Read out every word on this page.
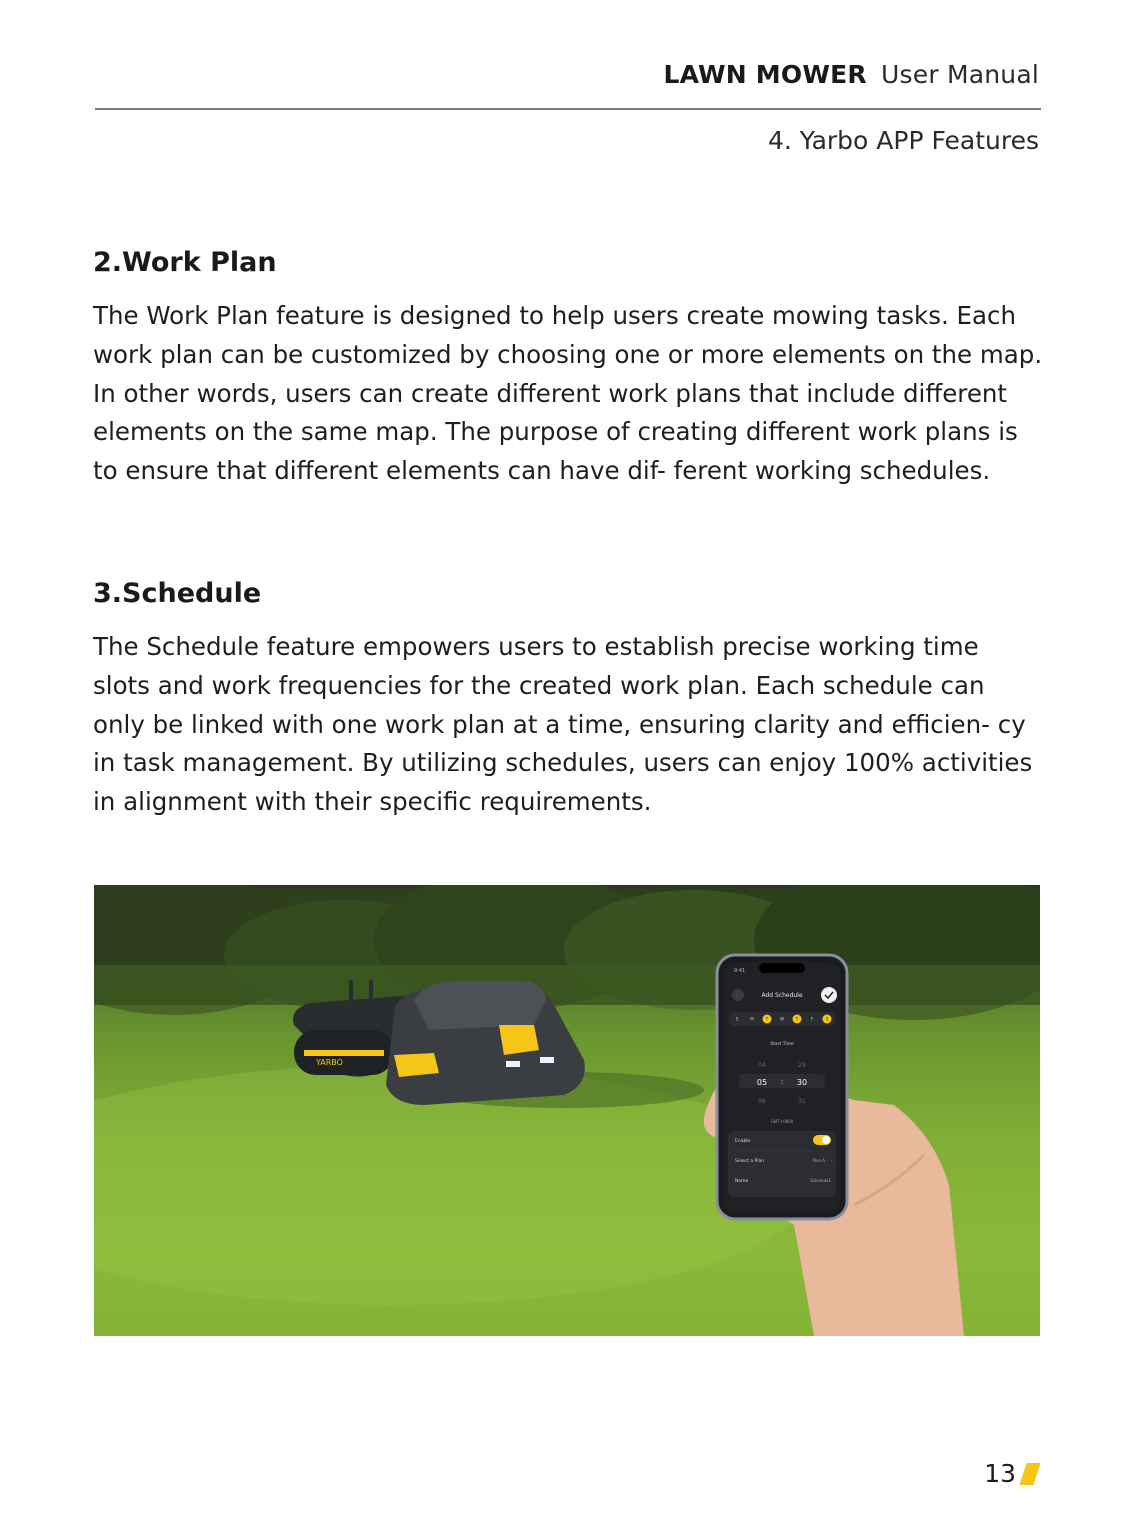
LAWN MOWER User Manual
4. Yarbo APP Features
2.Work Plan

The Work Plan feature is designed to help users create mowing tasks. Each work plan can be customized by choosing one or more elements on the map. In other words, users can create different work plans that include different elements on the same map. The purpose of creating different work plans is to ensure that different elements can have dif- ferent working schedules.

3.Schedule

The Schedule feature empowers users to establish precise working time slots and work frequencies for the created work plan. Each schedule can only be linked with one work plan at a time, ensuring clarity and efficien- cy in task management. By utilizing schedules, users can enjoy 100% activities in alignment with their specific requirements.

YARBO
9:41
Add Schedule
S	M	T	W	T	F	S
Start Time
04	29
05 : 30
06	31
GMT+0800
Enable
Select a Plan	Plan A ›
Name	Schedule1
13
